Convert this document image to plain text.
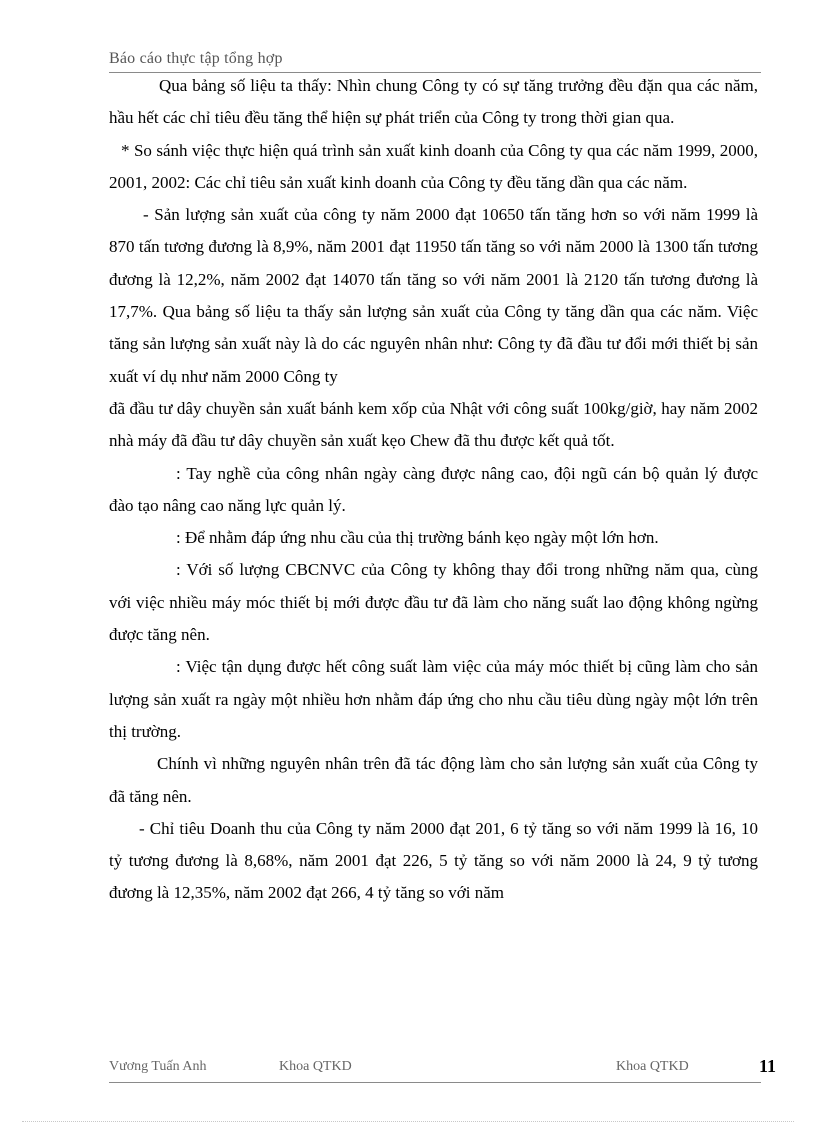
Báo cáo thực tập tổng hợp

Qua bảng số liệu ta thấy: Nhìn chung Công ty có sự tăng trưởng đều đặn qua các năm, hầu hết các chỉ tiêu đều tăng thể hiện sự phát triển của Công ty trong thời gian qua.

* So sánh việc thực hiện quá trình sản xuất kinh doanh của Công ty qua các năm 1999, 2000, 2001, 2002: Các chỉ tiêu sản xuất kinh doanh của Công ty đều tăng dần qua các năm.

- Sản lượng sản xuất của công ty năm 2000 đạt 10650 tấn tăng hơn so với năm 1999 là 870 tấn tương đương là 8,9%, năm 2001 đạt 11950 tấn tăng so với năm 2000 là 1300 tấn tương đương là 12,2%, năm 2002 đạt 14070 tấn tăng so với năm 2001 là 2120 tấn tương đương là 17,7%. Qua bảng số liệu ta thấy sản lượng sản xuất của Công ty tăng dần qua các năm. Việc tăng sản lượng sản xuất này là do các nguyên nhân như: Công ty đã đầu tư đổi mới thiết bị sản xuất ví dụ như năm 2000 Công ty

đã đầu tư dây chuyền sản xuất bánh kem xốp của Nhật với công suất 100kg/giờ, hay năm 2002 nhà máy đã đầu tư dây chuyền sản xuất kẹo Chew đã thu được kết quả tốt.

: Tay nghề của công nhân ngày càng được nâng cao, đội ngũ cán bộ quản lý được đào tạo nâng cao năng lực quản lý.

: Để nhằm đáp ứng nhu cầu của thị trường bánh kẹo ngày một lớn hơn.

: Với số lượng CBCNVC của Công ty không thay đổi trong những năm qua, cùng với việc nhiều máy móc thiết bị mới được đầu tư đã làm cho năng suất lao động không ngừng được tăng nên.

: Việc tận dụng được hết công suất làm việc của máy móc thiết bị cũng làm cho sản lượng sản xuất ra ngày một nhiều hơn nhằm đáp ứng cho nhu cầu tiêu dùng ngày một lớn trên thị trường.

Chính vì những nguyên nhân trên đã tác động làm cho sản lượng sản xuất của Công ty đã tăng nên.

- Chỉ tiêu Doanh thu của Công ty năm 2000 đạt 201, 6 tỷ tăng so với năm 1999 là 16, 10 tỷ tương đương là 8,68%, năm 2001 đạt 226, 5 tỷ tăng so với năm 2000 là 24, 9 tỷ tương đương là 12,35%, năm 2002 đạt 266, 4 tỷ tăng so với năm

Vương Tuấn Anh	Khoa QTKD	Khoa QTKD	11
